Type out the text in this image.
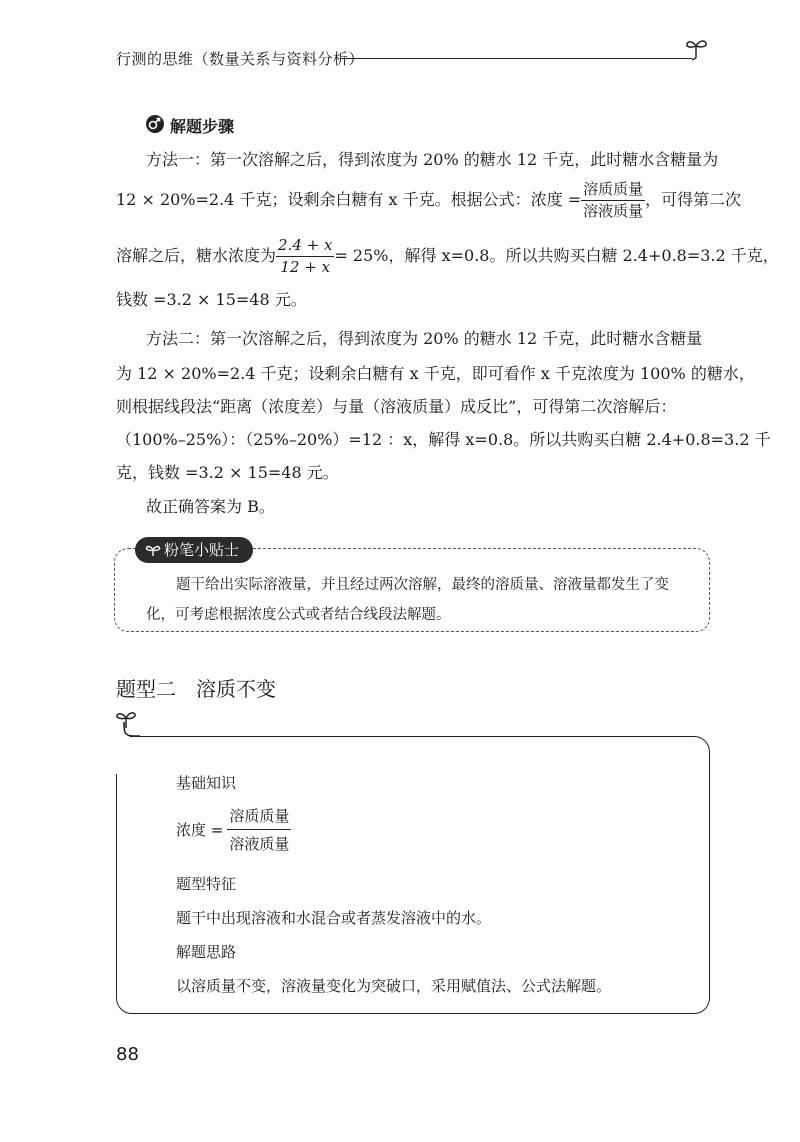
行测的思维（数量关系与资料分析）
解题步骤
方法一：第一次溶解之后，得到浓度为 20% 的糖水 12 千克，此时糖水含糖量为
12 × 20%=2.4 千克；设剩余白糖有 x 千克。根据公式：浓度 = $\frac{\text{溶质质量}}{\text{溶液质量}}$ ，可得第二次
溶解之后，糖水浓度为 $\frac{2.4 + x}{12 + x} = 25\%$，解得 x=0.8。所以共购买白糖 2.4+0.8=3.2 千克，
钱数 =3.2 × 15=48 元。
方法二：第一次溶解之后，得到浓度为 20% 的糖水 12 千克，此时糖水含糖量
为 12 × 20%=2.4 千克；设剩余白糖有 x 千克，即可看作 x 千克浓度为 100% 的糖水，
则根据线段法“距离（浓度差）与量（溶液质量）成反比”，可得第二次溶解后：
（100%–25%）：（25%–20%）=12 ：x，解得 x=0.8。所以共购买白糖 2.4+0.8=3.2 千
克，钱数 =3.2 × 15=48 元。
故正确答案为 B。
粉笔小贴士
题干给出实际溶液量，并且经过两次溶解，最终的溶质量、溶液量都发生了变
化，可考虑根据浓度公式或者结合线段法解题。
题型二　溶质不变
基础知识
浓度 = $\frac{\text{溶质质量}}{\text{溶液质量}}$
题型特征
题干中出现溶液和水混合或者蒸发溶液中的水。
解题思路
以溶质量不变，溶液量变化为突破口，采用赋值法、公式法解题。
88
